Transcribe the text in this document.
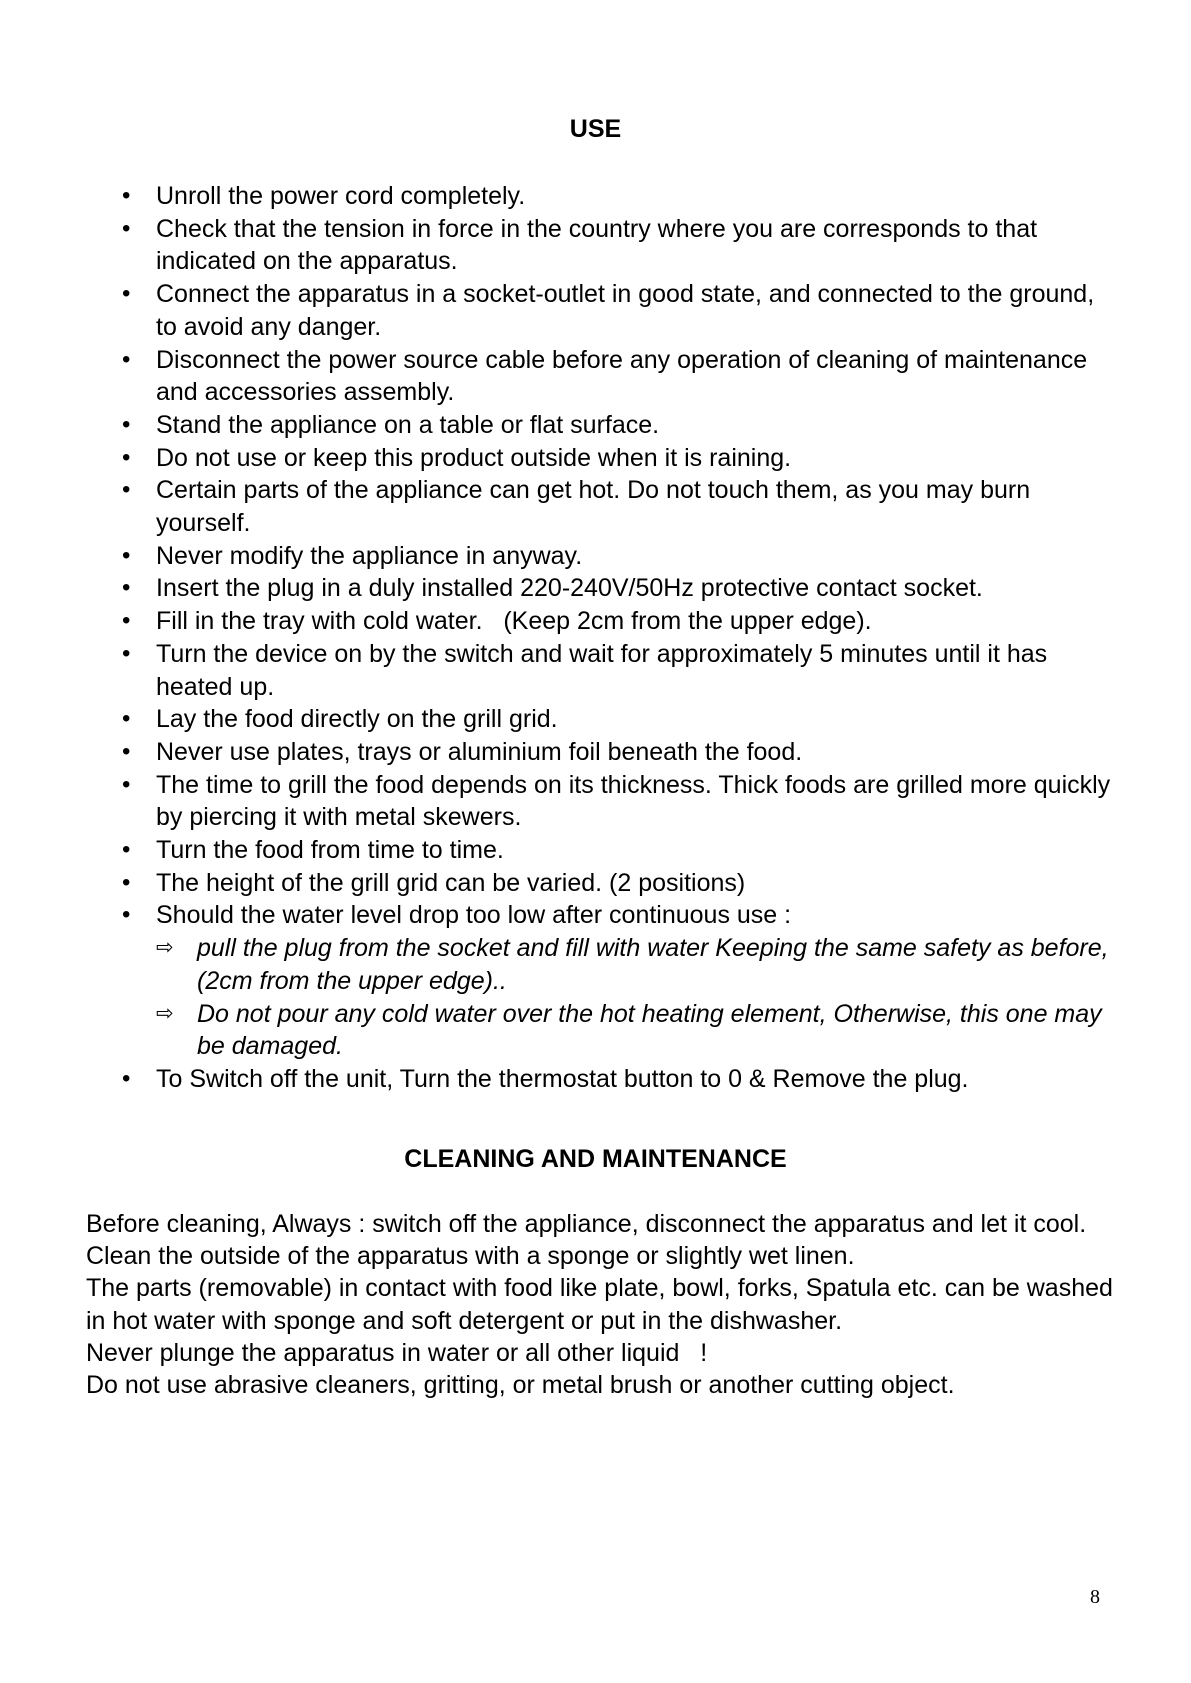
USE
• Unroll the power cord completely.
• Check that the tension in force in the country where you are corresponds to that indicated on the apparatus.
• Connect the apparatus in a socket-outlet in good state, and connected to the ground, to avoid any danger.
• Disconnect the power source cable before any operation of cleaning of maintenance and accessories assembly.
• Stand the appliance on a table or flat surface.
• Do not use or keep this product outside when it is raining.
• Certain parts of the appliance can get hot. Do not touch them, as you may burn yourself.
• Never modify the appliance in anyway.
• Insert the plug in a duly installed 220-240V/50Hz protective contact socket.
• Fill in the tray with cold water.   (Keep 2cm from the upper edge).
• Turn the device on by the switch and wait for approximately 5 minutes until it has heated up.
• Lay the food directly on the grill grid.
• Never use plates, trays or aluminium foil beneath the food.
• The time to grill the food depends on its thickness. Thick foods are grilled more quickly by piercing it with metal skewers.
• Turn the food from time to time.
• The height of the grill grid can be varied. (2 positions)
• Should the water level drop too low after continuous use :
⇨ pull the plug from the socket and fill with water Keeping the same safety as before, (2cm from the upper edge)..
⇨ Do not pour any cold water over the hot heating element, Otherwise, this one may be damaged.
• To Switch off the unit, Turn the thermostat button to 0 & Remove the plug.
CLEANING AND MAINTENANCE

Before cleaning, Always : switch off the appliance, disconnect the apparatus and let it cool.

Clean the outside of the apparatus with a sponge or slightly wet linen.

The parts (removable) in contact with food like plate, bowl, forks, Spatula etc. can be washed in hot water with sponge and soft detergent or put in the dishwasher.

Never plunge the apparatus in water or all other liquid   !

Do not use abrasive cleaners, gritting, or metal brush or another cutting object.

8
